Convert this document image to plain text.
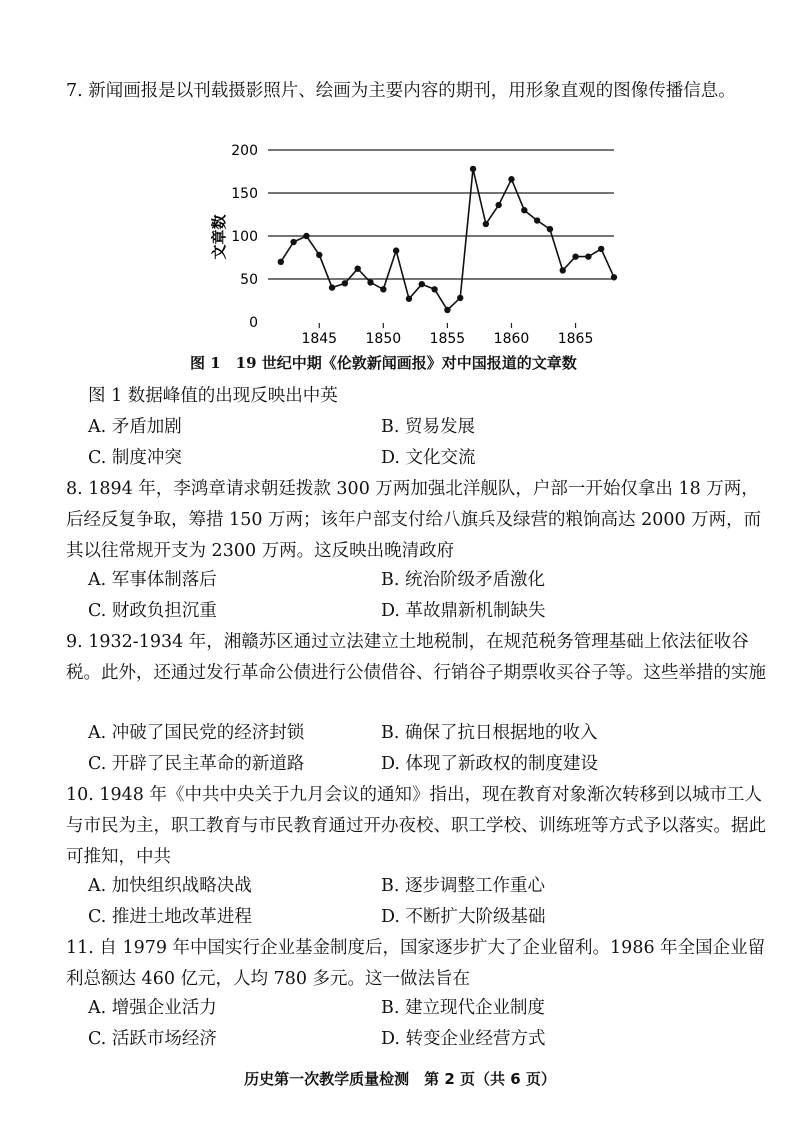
7. 新闻画报是以刊载摄影照片、绘画为主要内容的期刊，用形象直观的图像传播信息。
0
50
100
150
200
1845 1850 1855 1860 1865
文章数
图 1　19 世纪中期《伦敦新闻画报》对中国报道的文章数
图 1 数据峰值的出现反映出中英
A. 矛盾加剧	B. 贸易发展
C. 制度冲突	D. 文化交流
8. 1894 年，李鸿章请求朝廷拨款 300 万两加强北洋舰队，户部一开始仅拿出 18 万两，后经反复争取，筹措 150 万两；该年户部支付给八旗兵及绿营的粮饷高达 2000 万两，而其以往常规开支为 2300 万两。这反映出晚清政府
A. 军事体制落后	B. 统治阶级矛盾激化
C. 财政负担沉重	D. 革故鼎新机制缺失
9. 1932-1934 年，湘赣苏区通过立法建立土地税制，在规范税务管理基础上依法征收谷税。此外，还通过发行革命公债进行公债借谷、行销谷子期票收买谷子等。这些举措的实施
A. 冲破了国民党的经济封锁	B. 确保了抗日根据地的收入
C. 开辟了民主革命的新道路	D. 体现了新政权的制度建设
10. 1948 年《中共中央关于九月会议的通知》指出，现在教育对象渐次转移到以城市工人与市民为主，职工教育与市民教育通过开办夜校、职工学校、训练班等方式予以落实。据此可推知，中共
A. 加快组织战略决战	B. 逐步调整工作重心
C. 推进土地改革进程	D. 不断扩大阶级基础
11. 自 1979 年中国实行企业基金制度后，国家逐步扩大了企业留利。1986 年全国企业留利总额达 460 亿元，人均 780 多元。这一做法旨在
A. 增强企业活力	B. 建立现代企业制度
C. 活跃市场经济	D. 转变企业经营方式
历史第一次教学质量检测　第 2 页（共 6 页）
